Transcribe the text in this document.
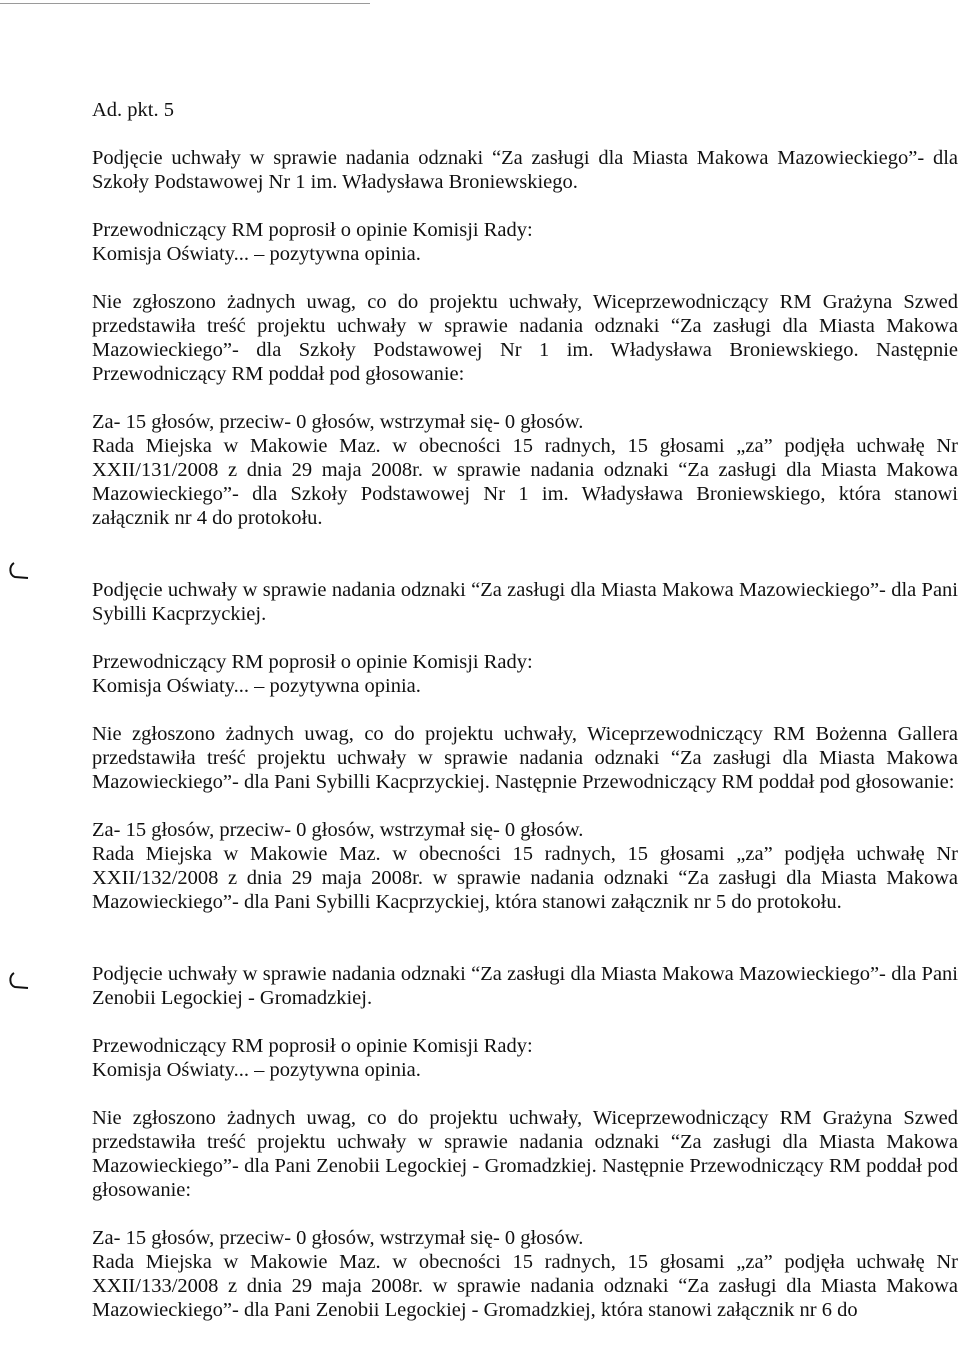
Ad. pkt. 5

Podjęcie uchwały w sprawie nadania odznaki “Za zasługi dla Miasta Makowa Mazowieckiego”- dla Szkoły Podstawowej Nr 1 im. Władysława Broniewskiego.

Przewodniczący RM poprosił o opinie Komisji Rady:

Komisja Oświaty... – pozytywna opinia.

Nie zgłoszono żadnych uwag, co do projektu uchwały, Wiceprzewodniczący RM Grażyna Szwed przedstawiła treść projektu uchwały w sprawie nadania odznaki “Za zasługi dla Miasta Makowa Mazowieckiego”- dla Szkoły Podstawowej Nr 1 im. Władysława Broniewskiego. Następnie Przewodniczący RM poddał pod głosowanie:

Za- 15 głosów, przeciw- 0 głosów, wstrzymał się- 0 głosów.

Rada Miejska w Makowie Maz. w obecności 15 radnych, 15 głosami „za” podjęła uchwałę Nr XXII/131/2008 z dnia 29 maja 2008r. w sprawie nadania odznaki “Za zasługi dla Miasta Makowa Mazowieckiego”- dla Szkoły Podstawowej Nr 1 im. Władysława Broniewskiego, która stanowi załącznik nr 4 do protokołu.

Podjęcie uchwały w sprawie nadania odznaki “Za zasługi dla Miasta Makowa Mazowieckiego”- dla Pani Sybilli Kacprzyckiej.

Przewodniczący RM poprosił o opinie Komisji Rady:

Komisja Oświaty... – pozytywna opinia.

Nie zgłoszono żadnych uwag, co do projektu uchwały, Wiceprzewodniczący RM Bożenna Gallera przedstawiła treść projektu uchwały w sprawie nadania odznaki “Za zasługi dla Miasta Makowa Mazowieckiego”- dla Pani Sybilli Kacprzyckiej. Następnie Przewodniczący RM poddał pod głosowanie:

Za- 15 głosów, przeciw- 0 głosów, wstrzymał się- 0 głosów.

Rada Miejska w Makowie Maz. w obecności 15 radnych, 15 głosami „za” podjęła uchwałę Nr XXII/132/2008 z dnia 29 maja 2008r. w sprawie nadania odznaki “Za zasługi dla Miasta Makowa Mazowieckiego”- dla Pani Sybilli Kacprzyckiej, która stanowi załącznik nr 5 do protokołu.

Podjęcie uchwały w sprawie nadania odznaki “Za zasługi dla Miasta Makowa Mazowieckiego”- dla Pani Zenobii Legockiej - Gromadzkiej.

Przewodniczący RM poprosił o opinie Komisji Rady:

Komisja Oświaty... – pozytywna opinia.

Nie zgłoszono żadnych uwag, co do projektu uchwały, Wiceprzewodniczący RM Grażyna Szwed przedstawiła treść projektu uchwały w sprawie nadania odznaki “Za zasługi dla Miasta Makowa Mazowieckiego”- dla Pani Zenobii Legockiej - Gromadzkiej. Następnie Przewodniczący RM poddał pod głosowanie:

Za- 15 głosów, przeciw- 0 głosów, wstrzymał się- 0 głosów.

Rada Miejska w Makowie Maz. w obecności 15 radnych, 15 głosami „za” podjęła uchwałę Nr XXII/133/2008 z dnia 29 maja 2008r. w sprawie nadania odznaki “Za zasługi dla Miasta Makowa Mazowieckiego”- dla Pani Zenobii Legockiej - Gromadzkiej, która stanowi załącznik nr 6 do
